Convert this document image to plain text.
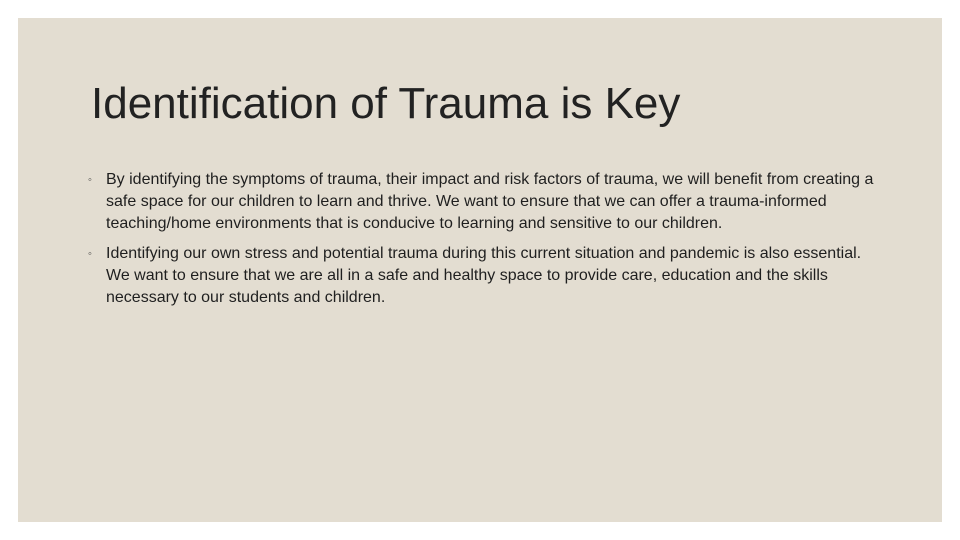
Identification of Trauma is Key
◦ By identifying the symptoms of trauma, their impact and risk factors of trauma, we will benefit from creating a safe space for our children to learn and thrive. We want to ensure that we can offer a trauma-informed teaching/home environments that is conducive to learning and sensitive to our children.
◦ Identifying our own stress and potential trauma during this current situation and pandemic is also essential. We want to ensure that we are all in a safe and healthy space to provide care, education and the skills necessary to our students and children.
